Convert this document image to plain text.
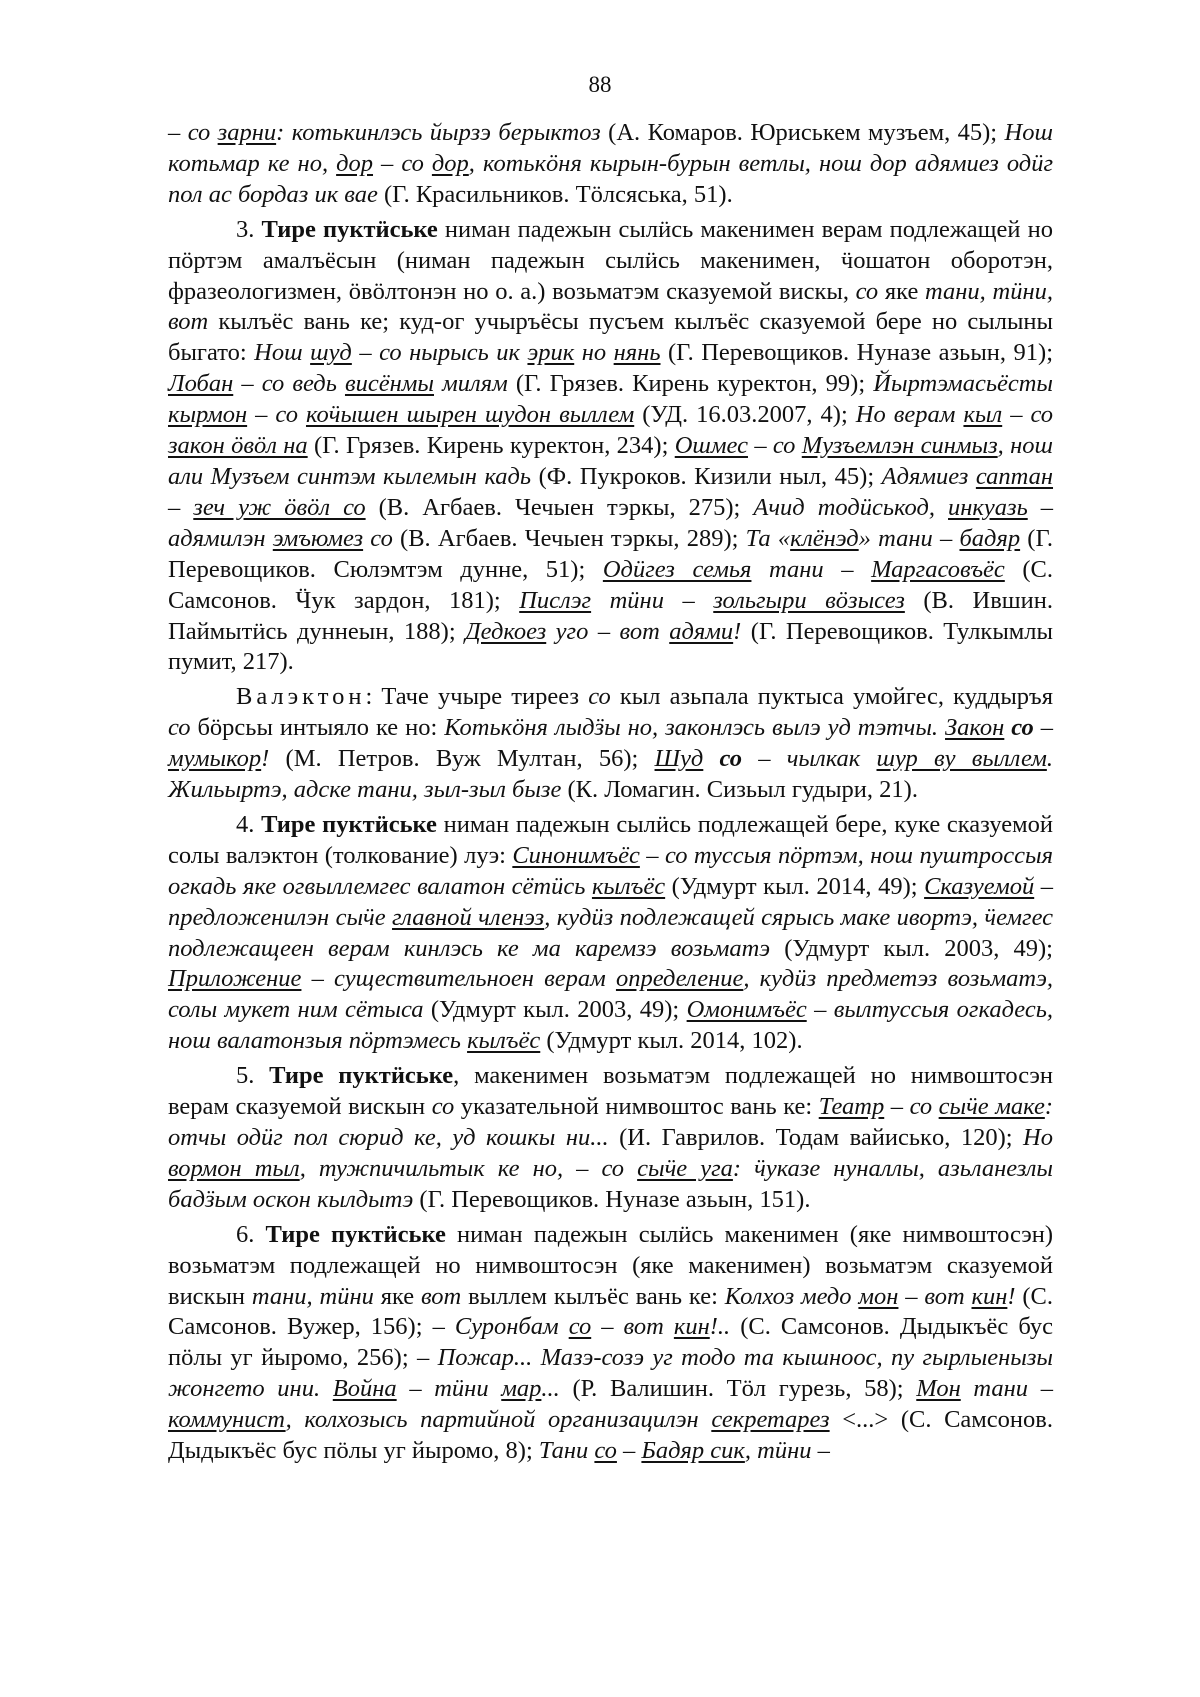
88

– со зарни: котькинлэсь йырзэ берыктоз (А. Комаров. Юриськем музъем, 45); Нош котьмар ке но, дор – со дор, котькӧня кырын-бурын ветлы, нош дор адямиез одӥг пол ас бордаз ик вае (Г. Красильников. Тӧлсяська, 51).

3. Тире пуктӥське ниман падежын сылӥсь макенимен верам подлежащей но пӧртэм амалъёсын (ниман падежын сылӥсь макенимен, ӵошатон оборотэн, фразеологизмен, ӧвӧлтонэн но о. а.) возьматэм сказуемой вискы, со яке тани, тӥни, вот кылъёс вань ке; куд-ог учыръёсы пусъем кылъёс сказуемой бере но сылыны быгато: Нош шуд – со нырысь ик эрик но нянь (Г. Перевощиков. Нуназе азьын, 91); Лобан – со ведь висёнмы милям (Г. Грязев. Кирень куректон, 99); Йыртэмасьёсты кырмон – со коӵышен шырен шудон выллем (УД. 16.03.2007, 4); Но верам кыл – со закон ӧвӧл на (Г. Грязев. Кирень куректон, 234); Ошмес – со Музъемлэн синмыз, нош али Музъем синтэм кылемын кадь (Ф. Пукроков. Кизили ныл, 45); Адямиез саптан – зеч уж ӧвӧл со (В. Агбаев. Чечыен тэркы, 275); Ачид тодӥськод, инкуазь – адямилэн эмъюмез со (В. Агбаев. Чечыен тэркы, 289); Та «клёнэд» тани – бадяр (Г. Перевощиков. Сюлэмтэм дунне, 51); Одӥгез семья тани – Маргасовъёс (С. Самсонов. Ӵук зардон, 181); Пислэг тӥни – зольгыри вӧзысез (В. Ившин. Паймытӥсь дуннеын, 188); Дедкоез уго – вот адями! (Г. Перевощиков. Тулкымлы пумит, 217).

Валэктон: Таче учыре тиреез со кыл азьпала пуктыса умойгес, куддыръя со бӧрсьы интыяло ке но: Котькӧня лыдӟы но, законлэсь вылэ уд тэтчы. Закон со – мумыкор! (М. Петров. Вуж Мултан, 56); Шуд со – чылкак шур ву выллем. Жильыртэ, адске тани, зыл-зыл бызе (К. Ломагин. Сизьыл гудыри, 21).

4. Тире пуктӥське ниман падежын сылӥсь подлежащей бере, куке сказуемой солы валэктон (толкование) луэ: Синонимъёс – со туссыя пӧртэм, нош пуштроссыя огкадь яке огвыллемгес валатон сётӥсь кылъёс (Удмурт кыл. 2014, 49); Сказуемой – предложенилэн сыӵе главной членэз, кудӥз подлежащей сярысь маке ивортэ, ӵемгес подлежащеен верам кинлэсь ке ма каремзэ возьматэ (Удмурт кыл. 2003, 49); Приложение – существительноен верам определение, кудӥз предметэз возьматэ, солы мукет ним сётыса (Удмурт кыл. 2003, 49); Омонимъёс – вылтуссыя огкадесь, нош валатонзыя пӧртэмесь кылъёс (Удмурт кыл. 2014, 102).

5. Тире пуктӥське, макенимен возьматэм подлежащей но нимвоштосэн верам сказуемой вискын со указательной нимвоштос вань ке: Театр – со сыӵе маке: отчы одӥг пол сюрид ке, уд кошкы ни... (И. Гаврилов. Тодам вайиськo, 120); Но вормон тыл, тужпичильтык ке но, – со сыӵе уга: ӵуказе нуналлы, азьланезлы бадӟым оскон кылдытэ (Г. Перевощиков. Нуназе азьын, 151).

6. Тире пуктӥське ниман падежын сылӥсь макенимен (яке нимвоштосэн) возьматэм подлежащей но нимвоштосэн (яке макенимен) возьматэм сказуемой вискын тани, тӥни яке вот выллем кылъёс вань ке: Колхоз медо мон – вот кин! (С. Самсонов. Вужер, 156); – Суронбам со – вот кин!.. (С. Самсонов. Дыдыкъёс бус пӧлы уг йыромо, 256); – Пожар... Мазэ-созэ уг тодо та кышноос, пу гырлыенызы жонгето ини. Война – тӥни мар... (Р. Валишин. Тӧл гурезь, 58); Мон тани – коммунист, колхозысь партийной организацилэн секретарез <...> (С. Самсонов. Дыдыкъёс бус пӧлы уг йыромо, 8); Тани со – Бадяр сик, тӥни –
